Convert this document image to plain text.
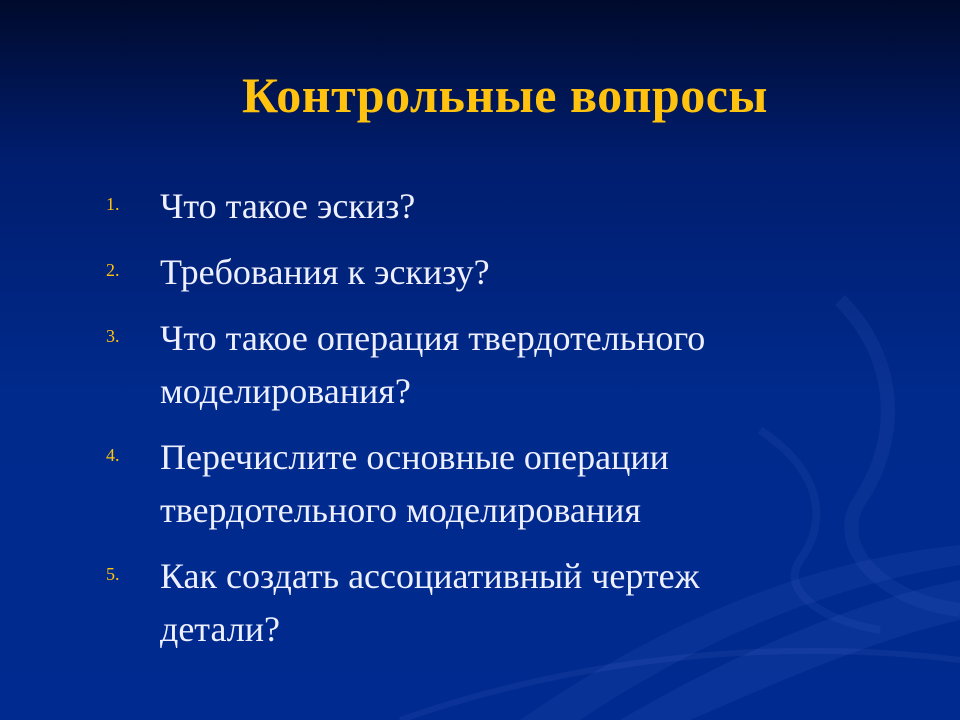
Контрольные вопросы
1. Что такое эскиз?
2. Требования к эскизу?
3. Что такое операция твердотельного
моделирования?
4. Перечислите основные операции
твердотельного моделирования
5. Как создать ассоциативный чертеж
детали?
